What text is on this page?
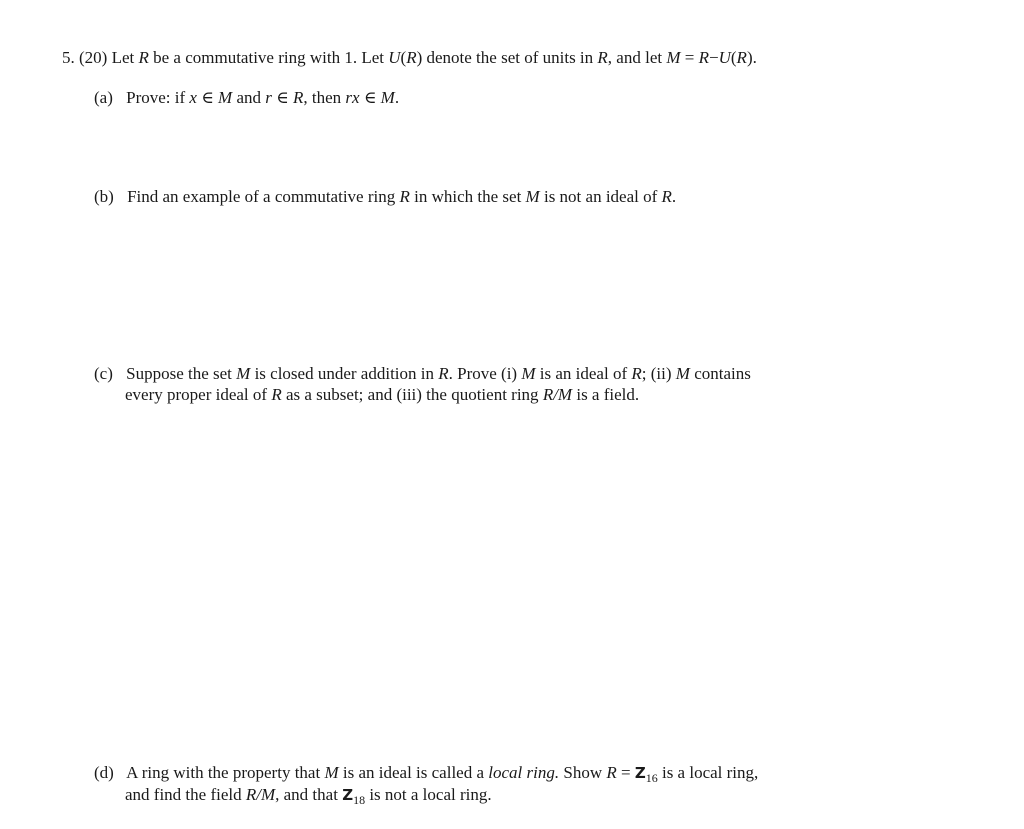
5. (20) Let R be a commutative ring with 1. Let U(R) denote the set of units in R, and let M = R−U(R).
(a) Prove: if x ∈ M and r ∈ R, then rx ∈ M.
(b) Find an example of a commutative ring R in which the set M is not an ideal of R.
(c) Suppose the set M is closed under addition in R. Prove (i) M is an ideal of R; (ii) M contains
every proper ideal of R as a subset; and (iii) the quotient ring R/M is a field.
(d) A ring with the property that M is an ideal is called a local ring. Show $R = Z_{16}$ is a local ring,
and find the field R/M, and that $Z_{18}$ is not a local ring.
